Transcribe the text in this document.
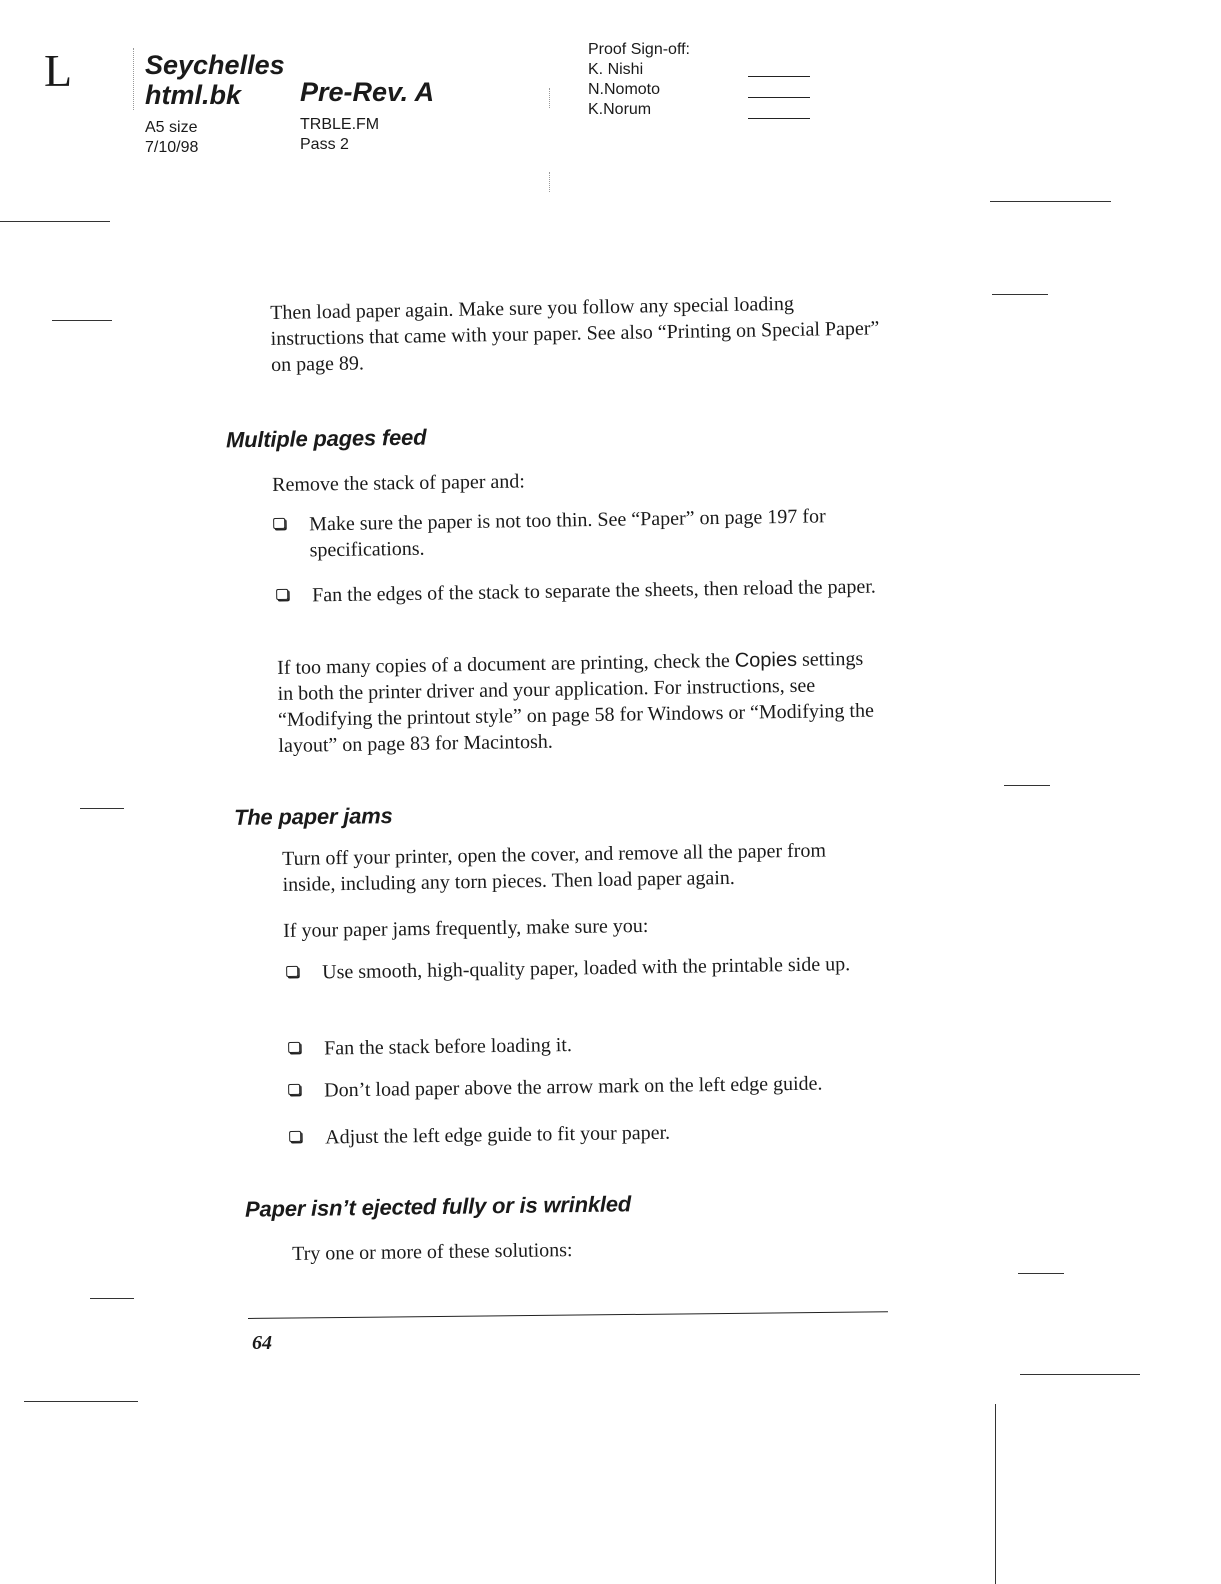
L	Seychelles
html.bk
A5 size
7/10/98
Pre-Rev. A
TRBLE.FM
Pass 2
Proof Sign-off:
K. Nishi
N.Nomoto
K.Norum

Then load paper again. Make sure you follow any special loading instructions that came with your paper. See also “Printing on Special Paper” on page 89.

Multiple pages feed

Remove the stack of paper and:

Make sure the paper is not too thin. See “Paper” on page 197 for specifications.
Fan the edges of the stack to separate the sheets, then reload the paper.

If too many copies of a document are printing, check the Copies settings in both the printer driver and your application. For instructions, see “Modifying the printout style” on page 58 for Windows or “Modifying the layout” on page 83 for Macintosh.

The paper jams

Turn off your printer, open the cover, and remove all the paper from inside, including any torn pieces. Then load paper again.

If your paper jams frequently, make sure you:

Use smooth, high-quality paper, loaded with the printable side up.
Fan the stack before loading it.
Don’t load paper above the arrow mark on the left edge guide.
Adjust the left edge guide to fit your paper.
Paper isn’t ejected fully or is wrinkled

Try one or more of these solutions:

64
